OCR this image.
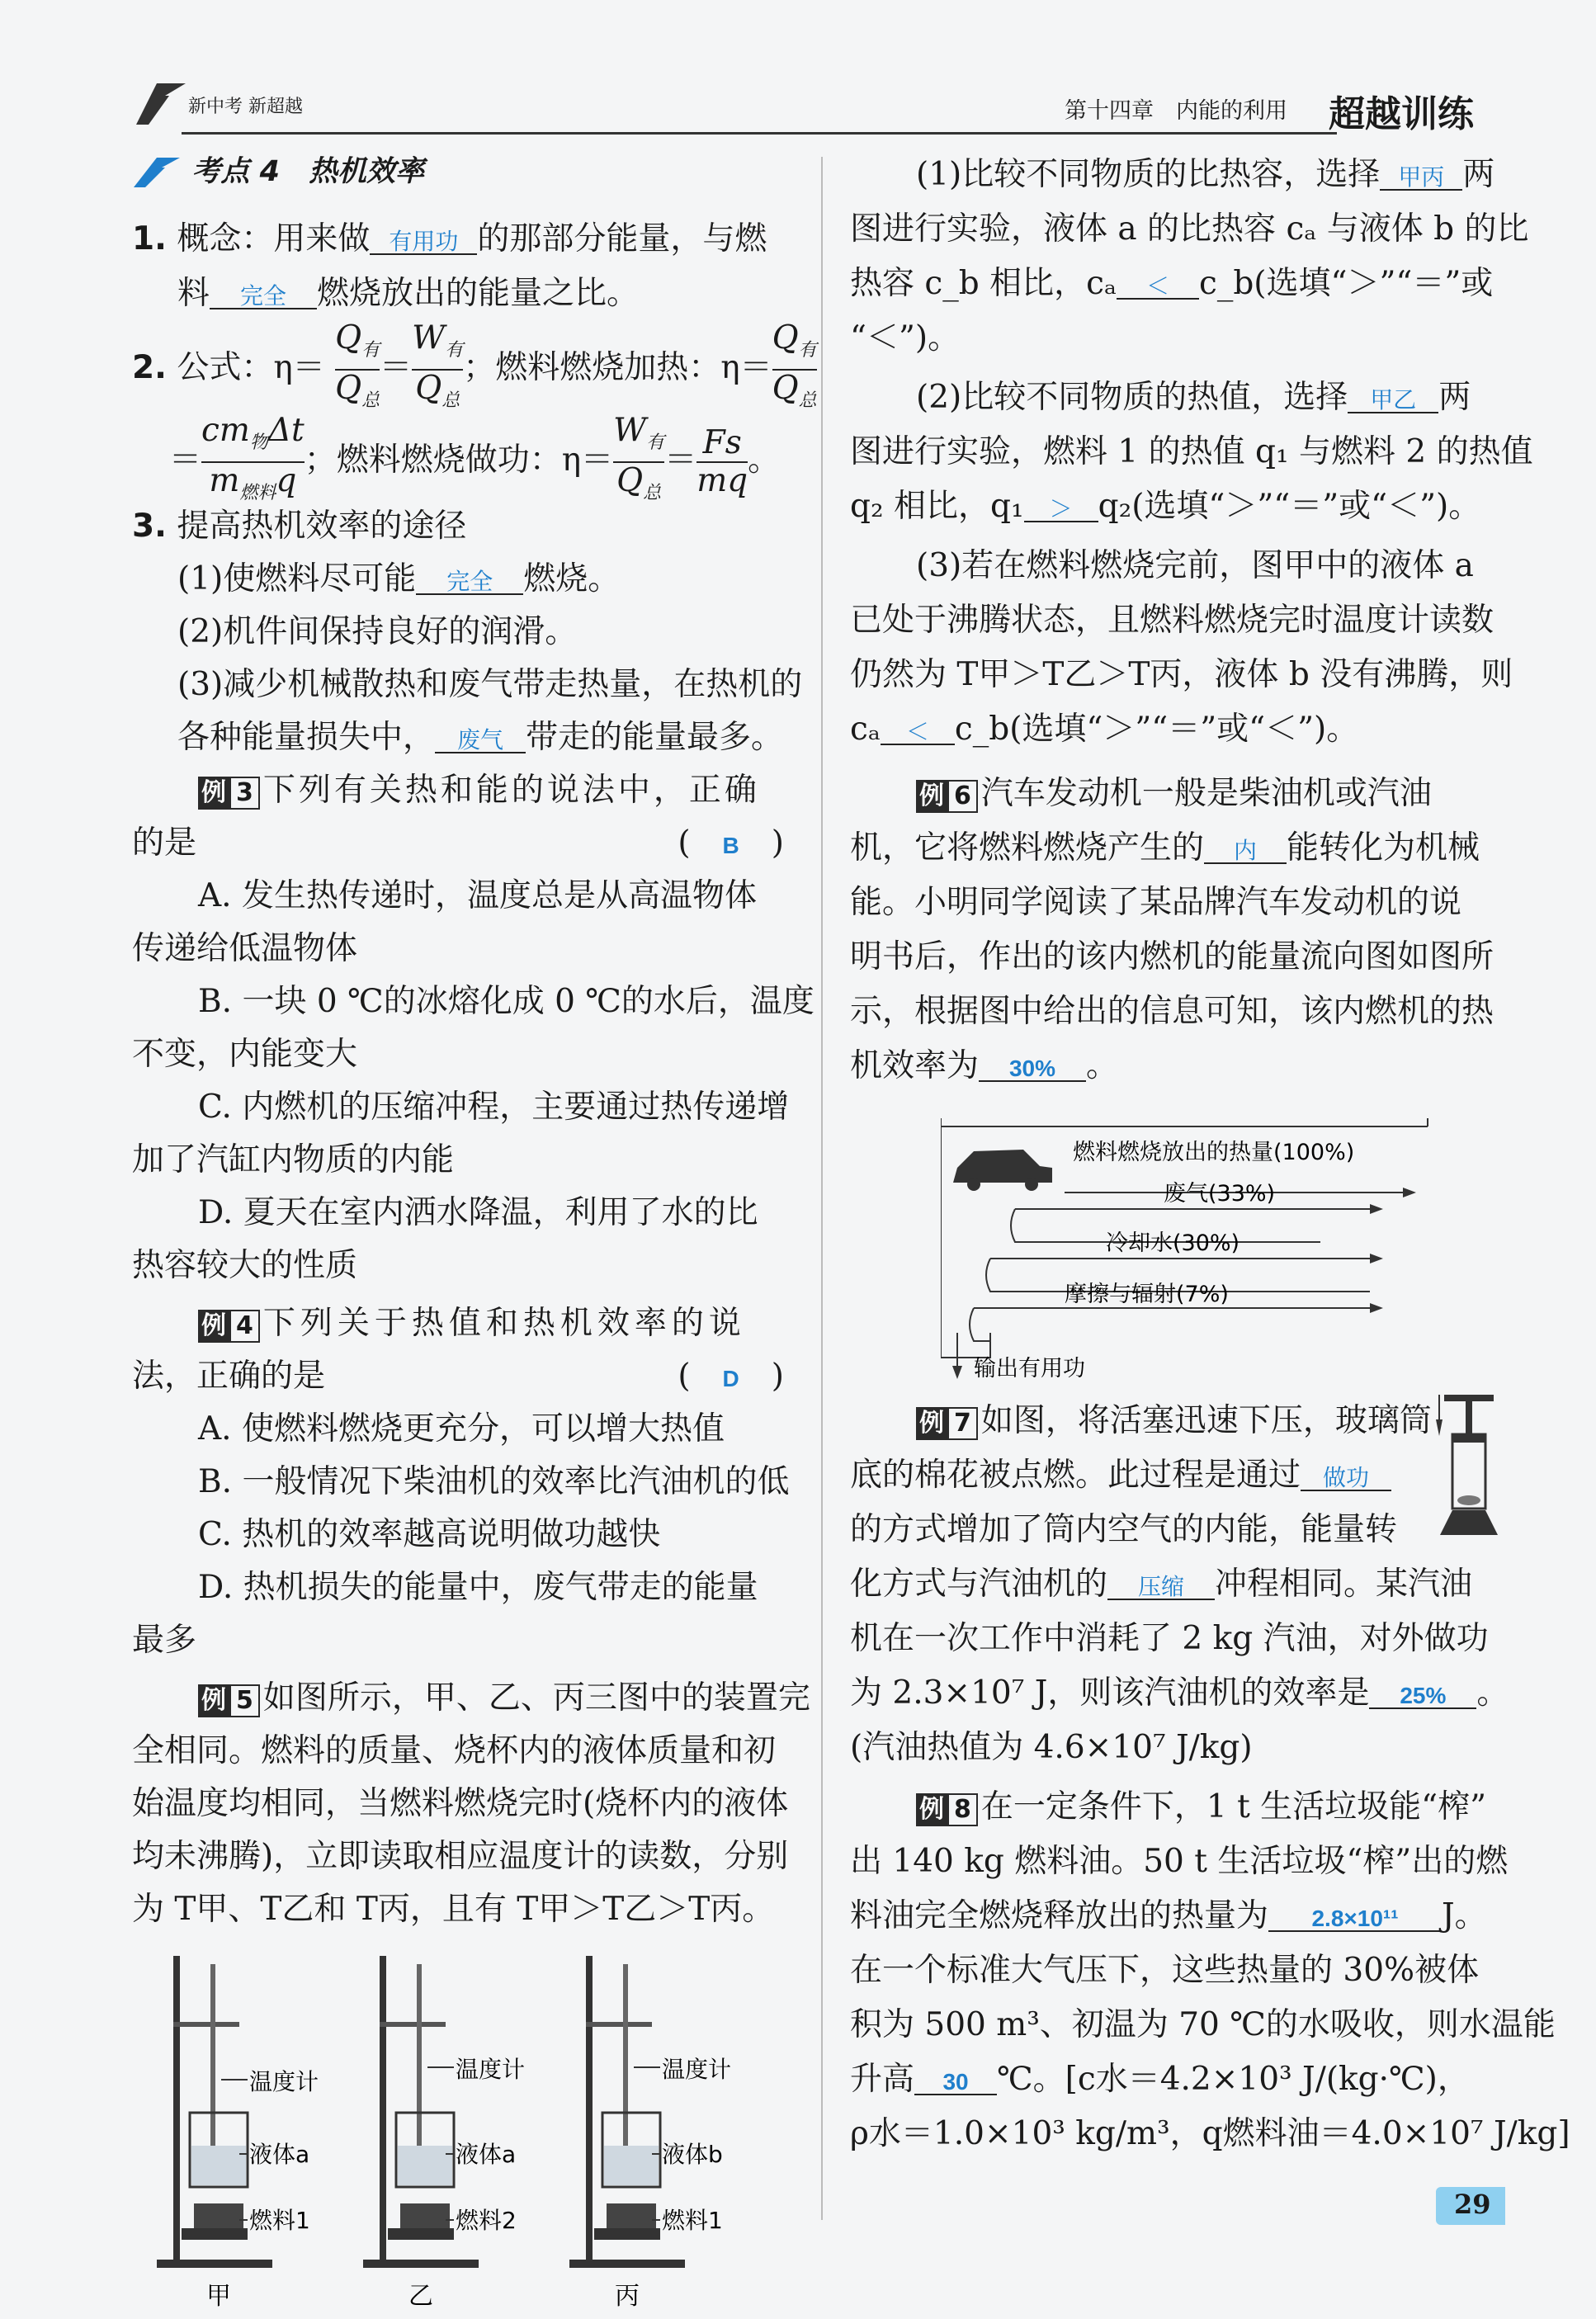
新中考 新超越	第十四章　内能的利用 超越训练
考点 4　热机效率
1. 概念：用来做 有用功 的那部分能量，与燃
料 完全 燃烧放出的能量之比。
2. 公式：$\eta= \frac{Q_有}{Q_总} = \frac{W_有}{Q_总}$ ；燃料燃烧加热：$\eta= \frac{Q_有}{Q_总}$
＝ $\frac{cm_物\Delta t}{m_{燃料}q}$ ；燃料燃烧做功：$\eta= \frac{W_有}{Q_总} = \frac{Fs}{mq}$ 。
3. 提高热机效率的途径
(1)使燃料尽可能 完全 燃烧。
(2)机件间保持良好的润滑。
(3)减少机械散热和废气带走热量，在热机的
各种能量损失中， 废气 带走的能量最多。
例 3 下列有关热和能的说法中，正确
的是	(　B　)
A. 发生热传递时，温度总是从高温物体
传递给低温物体
B. 一块 0 ℃的冰熔化成 0 ℃的水后，温度
不变，内能变大
C. 内燃机的压缩冲程，主要通过热传递增
加了汽缸内物质的内能
D. 夏天在室内洒水降温，利用了水的比
热容较大的性质
例 4 下列关于热值和热机效率的说
法，正确的是	(　D　)
A. 使燃料燃烧更充分，可以增大热值
B. 一般情况下柴油机的效率比汽油机的低
C. 热机的效率越高说明做功越快
D. 热机损失的能量中，废气带走的能量
最多
例 5 如图所示，甲、乙、丙三图中的装置完
全相同。燃料的质量、烧杯内的液体质量和初
始温度均相同，当燃料燃烧完时(烧杯内的液体
均未沸腾)，立即读取相应温度计的读数，分别
为 T甲、T乙和 T丙，且有 T甲＞T乙＞T丙。
温度计
液体a
燃料1
甲
温度计
液体a
燃料2
乙
温度计
液体b
燃料1
丙
(1)比较不同物质的比热容，选择 甲丙 两
图进行实验，液体 a 的比热容 cₐ 与液体 b 的比
热容 c_b 相比，cₐ ＜ c_b(选填“＞”“＝”或
“＜”)。
(2)比较不同物质的热值，选择 甲乙 两
图进行实验，燃料 1 的热值 q₁ 与燃料 2 的热值
q₂ 相比，q₁ ＞ q₂(选填“＞”“＝”或“＜”)。
(3)若在燃料燃烧完前，图甲中的液体 a
已处于沸腾状态，且燃料燃烧完时温度计读数
仍然为 T甲＞T乙＞T丙，液体 b 没有沸腾，则
cₐ ＜ c_b(选填“＞”“＝”或“＜”)。
例 6 汽车发动机一般是柴油机或汽油
机，它将燃料燃烧产生的 内 能转化为机械
能。小明同学阅读了某品牌汽车发动机的说
明书后，作出的该内燃机的能量流向图如图所
示，根据图中给出的信息可知，该内燃机的热
机效率为 30% 。
燃料燃烧放出的热量(100%)
废气(33%)
冷却水(30%)
摩擦与辐射(7%)
输出有用功
例 7 如图，将活塞迅速下压，玻璃筒
底的棉花被点燃。此过程是通过 做功
的方式增加了筒内空气的内能，能量转
化方式与汽油机的 压缩 冲程相同。某汽油
机在一次工作中消耗了 2 kg 汽油，对外做功
为 2.3×10⁷ J，则该汽油机的效率是 25% 。
(汽油热值为 4.6×10⁷ J/kg)
例 8 在一定条件下，1 t 生活垃圾能“榨”
出 140 kg 燃料油。50 t 生活垃圾“榨”出的燃
料油完全燃烧释放出的热量为 2.8×10¹¹ J。
在一个标准大气压下，这些热量的 30%被体
积为 500 m³、初温为 70 ℃的水吸收，则水温能
升高 30 ℃。[c水＝4.2×10³ J/(kg·℃)，
ρ水＝1.0×10³ kg/m³，q燃料油＝4.0×10⁷ J/kg]
29
